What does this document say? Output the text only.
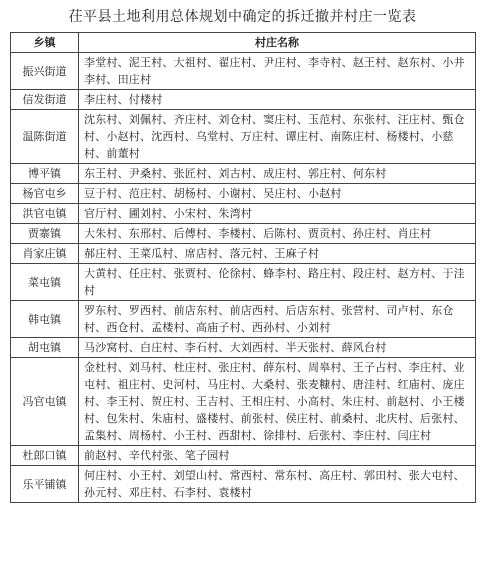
茌平县土地利用总体规划中确定的拆迁撤并村庄一览表
乡镇	村庄名称
振兴街道	李堂村、泥王村、大祖村、翟庄村、尹庄村、李寺村、赵王村、赵东村、小井李村、田庄村
信发街道	李庄村、付楼村
温陈街道	沈东村、刘佩村、齐庄村、刘仓村、窦庄村、玉范村、东张村、汪庄村、甄仓村、小赵村、沈西村、乌堂村、万庄村、谭庄村、南陈庄村、杨楼村、小慈村、前董村
博平镇	东王村、尹桑村、张匠村、刘古村、成庄村、郭庄村、何东村
杨官屯乡	豆于村、范庄村、胡杨村、小谢村、吴庄村、小赵村
洪官屯镇	官厅村、圃刘村、小宋村、朱湾村
贾寨镇	大朱村、东邢村、后傅村、李楼村、后陈村、贾贡村、孙庄村、肖庄村
肖家庄镇	郝庄村、王菜瓜村、席店村、落元村、王麻子村
菜屯镇	大黄村、任庄村、张贾村、伦徐村、蜂李村、路庄村、段庄村、赵方村、于洼村
韩屯镇	罗东村、罗西村、前店东村、前店西村、后店东村、张营村、司卢村、东仓村、西仓村、孟楼村、高庙子村、西孙村、小刘村
胡屯镇	马沙窝村、白庄村、李石村、大刘西村、半天张村、薛风台村
冯官屯镇	金杜村、刘马村、杜庄村、张庄村、薛东村、周皋村、王子占村、李庄村、业屯村、祖庄村、史河村、马庄村、大桑村、张麦糠村、唐洼村、红庙村、庞庄村、李王村、贺庄村、王吉村、王相庄村、小高村、朱庄村、前赵村、小王楼村、包朱村、朱庙村、盛楼村、前张村、侯庄村、前桑村、北庆村、后张村、孟集村、周杨村、小王村、西甜村、徐排村、后张村、李庄村、闫庄村
杜郎口镇	前赵村、辛代村张、笔子园村
乐平铺镇	何庄村、小王村、刘望山村、常西村、常东村、高庄村、郭田村、张大屯村、孙元村、邓庄村、石李村、袁楼村
